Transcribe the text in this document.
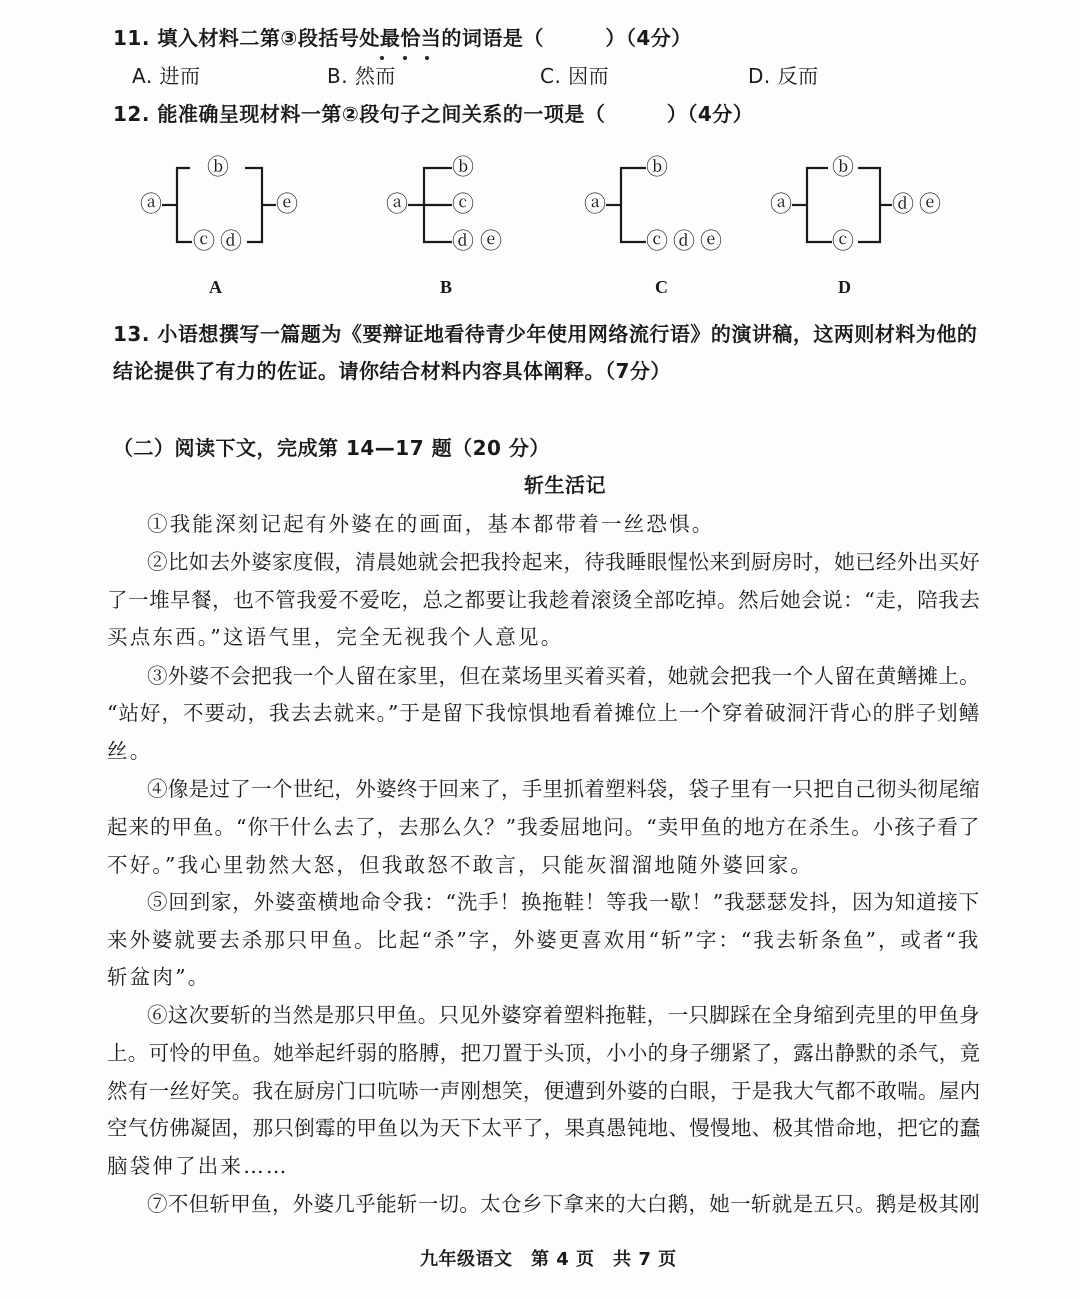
11. 填入材料二第③段括号处最恰当的词语是（　　　）（4分）
A. 进而	B. 然而	C. 因而	D. 反而
12. 能准确呈现材料一第②段句子之间关系的一项是（　　　）（4分）
ⓐ
ⓑ
ⓒ ⓓ
ⓔ	ⓐ
ⓑ
ⓒ
ⓓ ⓔ
ⓐ
ⓑ
ⓒ ⓓ ⓔ
ⓐ
ⓑ
ⓒ
ⓓ ⓔ
A	B	C	D
13. 小语想撰写一篇题为《要辩证地看待青少年使用网络流行语》的演讲稿，这两则材料为他的
结论提供了有力的佐证。请你结合材料内容具体阐释。（7分）
（二）阅读下文，完成第 14—17 题（20 分）
斩生活记
①我能深刻记起有外婆在的画面，基本都带着一丝恐惧。
②比如去外婆家度假，清晨她就会把我拎起来，待我睡眼惺忪来到厨房时，她已经外出买好
了一堆早餐，也不管我爱不爱吃，总之都要让我趁着滚烫全部吃掉。然后她会说：“走，陪我去
买点东西。”这语气里，完全无视我个人意见。
③外婆不会把我一个人留在家里，但在菜场里买着买着，她就会把我一个人留在黄鳝摊上。
“站好，不要动，我去去就来。”于是留下我惊惧地看着摊位上一个穿着破洞汗背心的胖子划鳝
丝。
④像是过了一个世纪，外婆终于回来了，手里抓着塑料袋，袋子里有一只把自己彻头彻尾缩
起来的甲鱼。“你干什么去了，去那么久？”我委屈地问。“卖甲鱼的地方在杀生。小孩子看了
不好。”我心里勃然大怒，但我敢怒不敢言，只能灰溜溜地随外婆回家。
⑤回到家，外婆蛮横地命令我：“洗手！换拖鞋！等我一歇！”我瑟瑟发抖，因为知道接下
来外婆就要去杀那只甲鱼。比起“杀”字，外婆更喜欢用“斩”字：“我去斩条鱼”，或者“我
斩盆肉”。
⑥这次要斩的当然是那只甲鱼。只见外婆穿着塑料拖鞋，一只脚踩在全身缩到壳里的甲鱼身
上。可怜的甲鱼。她举起纤弱的胳膊，把刀置于头顶，小小的身子绷紧了，露出静默的杀气，竟
然有一丝好笑。我在厨房门口吭哧一声刚想笑，便遭到外婆的白眼，于是我大气都不敢喘。屋内
空气仿佛凝固，那只倒霉的甲鱼以为天下太平了，果真愚钝地、慢慢地、极其惜命地，把它的蠢
脑袋伸了出来……
⑦不但斩甲鱼，外婆几乎能斩一切。太仓乡下拿来的大白鹅，她一斩就是五只。鹅是极其刚
九年级语文　第 4 页　共 7 页
